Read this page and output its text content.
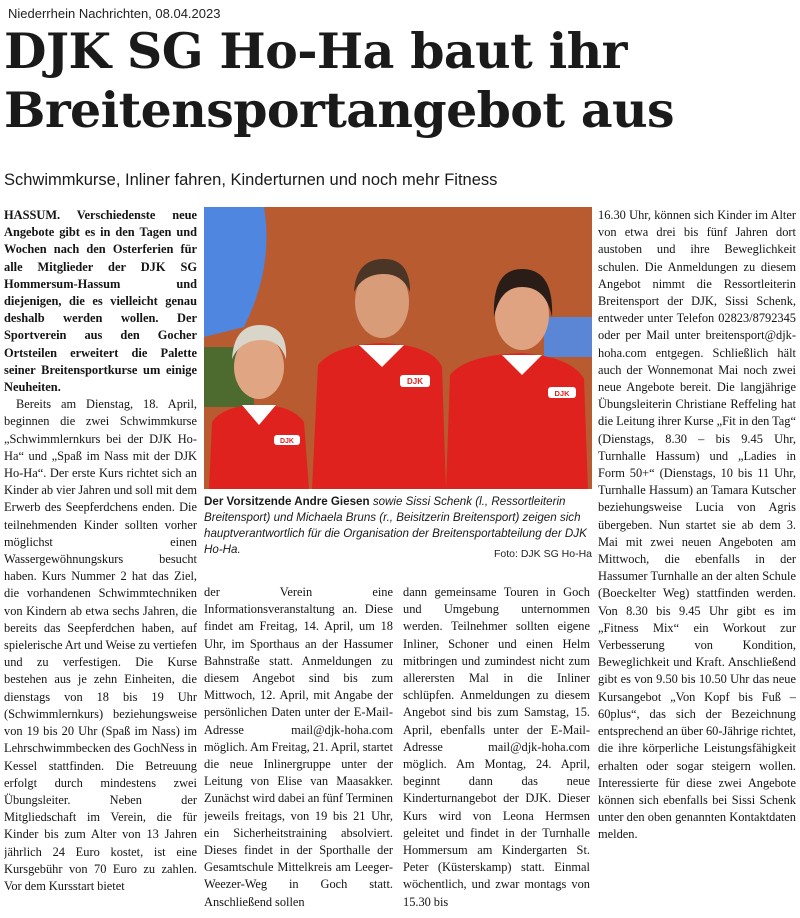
Niederrhein Nachrichten, 08.04.2023
DJK SG Ho-Ha baut ihr Breitensportangebot aus

Schwimmkurse, Inliner fahren, Kinderturnen und noch mehr Fitness

HASSUM. Verschiedenste neue Angebote gibt es in den Tagen und Wochen nach den Osterferien für alle Mitglieder der DJK SG Hommersum-Hassum und diejenigen, die es vielleicht genau deshalb werden wollen. Der Sportverein aus den Gocher Ortsteilen erweitert die Palette seiner Breitensportkurse um einige Neuheiten.

Bereits am Dienstag, 18. April, beginnen die zwei Schwimmkurse „Schwimmlernkurs bei der DJK Ho-Ha“ und „Spaß im Nass mit der DJK Ho-Ha“. Der erste Kurs richtet sich an Kinder ab vier Jahren und soll mit dem Erwerb des Seepferdchens enden. Die teilnehmenden Kinder sollten vorher möglichst einen Wassergewöhnungskurs besucht haben. Kurs Nummer 2 hat das Ziel, die vorhandenen Schwimmtechniken von Kindern ab etwa sechs Jahren, die bereits das Seepferdchen haben, auf spielerische Art und Weise zu vertiefen und zu verfestigen. Die Kurse bestehen aus je zehn Einheiten, die dienstags von 18 bis 19 Uhr (Schwimmlernkurs) beziehungsweise von 19 bis 20 Uhr (Spaß im Nass) im Lehrschwimmbecken des GochNess in Kessel stattfinden. Die Betreuung erfolgt durch mindestens zwei Übungsleiter. Neben der Mitgliedschaft im Verein, die für Kinder bis zum Alter von 13 Jahren jährlich 24 Euro kostet, ist eine Kursgebühr von 70 Euro zu zahlen. Vor dem Kursstart bietet

DJK
DJK
DJK

Der Vorsitzende Andre Giesen sowie Sissi Schenk (l., Ressortleiterin Breitensport) und Michaela Bruns (r., Beisitzerin Breitensport) zeigen sich hauptverantwortlich für die Organisation der Breitensportabteilung der DJK Ho-Ha.	Foto: DJK SG Ho-Ha

der Verein eine Informationsveranstaltung an. Diese findet am Freitag, 14. April, um 18 Uhr, im Sporthaus an der Hassumer Bahnstraße statt. Anmeldungen zu diesem Angebot sind bis zum Mittwoch, 12. April, mit Angabe der persönlichen Daten unter der E-Mail-Adresse mail@djk-hoha.com möglich. Am Freitag, 21. April, startet die neue Inlinergruppe unter der Leitung von Elise van Maasakker. Zunächst wird dabei an fünf Terminen jeweils freitags, von 19 bis 21 Uhr, ein Sicherheitstraining absolviert. Dieses findet in der Sporthalle der Gesamtschule Mittelkreis am Leeger-Weezer-Weg in Goch statt. Anschließend sollen

dann gemeinsame Touren in Goch und Umgebung unternommen werden. Teilnehmer sollten eigene Inliner, Schoner und einen Helm mitbringen und zumindest nicht zum allerersten Mal in die Inliner schlüpfen. Anmeldungen zu diesem Angebot sind bis zum Samstag, 15. April, ebenfalls unter der E-Mail-Adresse mail@djk-hoha.com möglich. Am Montag, 24. April, beginnt dann das neue Kinderturnangebot der DJK. Dieser Kurs wird von Leona Hermsen geleitet und findet in der Turnhalle Hommersum am Kindergarten St. Peter (Küsterskamp) statt. Einmal wöchentlich, und zwar montags von 15.30 bis

16.30 Uhr, können sich Kinder im Alter von etwa drei bis fünf Jahren dort austoben und ihre Beweglichkeit schulen. Die Anmeldungen zu diesem Angebot nimmt die Ressortleiterin Breitensport der DJK, Sissi Schenk, entweder unter Telefon 02823/8792345 oder per Mail unter breitensport@djk-hoha.com entgegen. Schließlich hält auch der Wonnemonat Mai noch zwei neue Angebote bereit. Die langjährige Übungsleiterin Christiane Reffeling hat die Leitung ihrer Kurse „Fit in den Tag“ (Dienstags, 8.30 – bis 9.45 Uhr, Turnhalle Hassum) und „Ladies in Form 50+“ (Dienstags, 10 bis 11 Uhr, Turnhalle Hassum) an Tamara Kutscher beziehungsweise Lucia von Agris übergeben. Nun startet sie ab dem 3. Mai mit zwei neuen Angeboten am Mittwoch, die ebenfalls in der Hassumer Turnhalle an der alten Schule (Boeckelter Weg) stattfinden werden. Von 8.30 bis 9.45 Uhr gibt es im „Fitness Mix“ ein Workout zur Verbesserung von Kondition, Beweglichkeit und Kraft. Anschließend gibt es von 9.50 bis 10.50 Uhr das neue Kursangebot „Von Kopf bis Fuß – 60plus“, das sich der Bezeichnung entsprechend an über 60-Jährige richtet, die ihre körperliche Leistungsfähigkeit erhalten oder sogar steigern wollen. Interessierte für diese zwei Angebote können sich ebenfalls bei Sissi Schenk unter den oben genannten Kontaktdaten melden.
